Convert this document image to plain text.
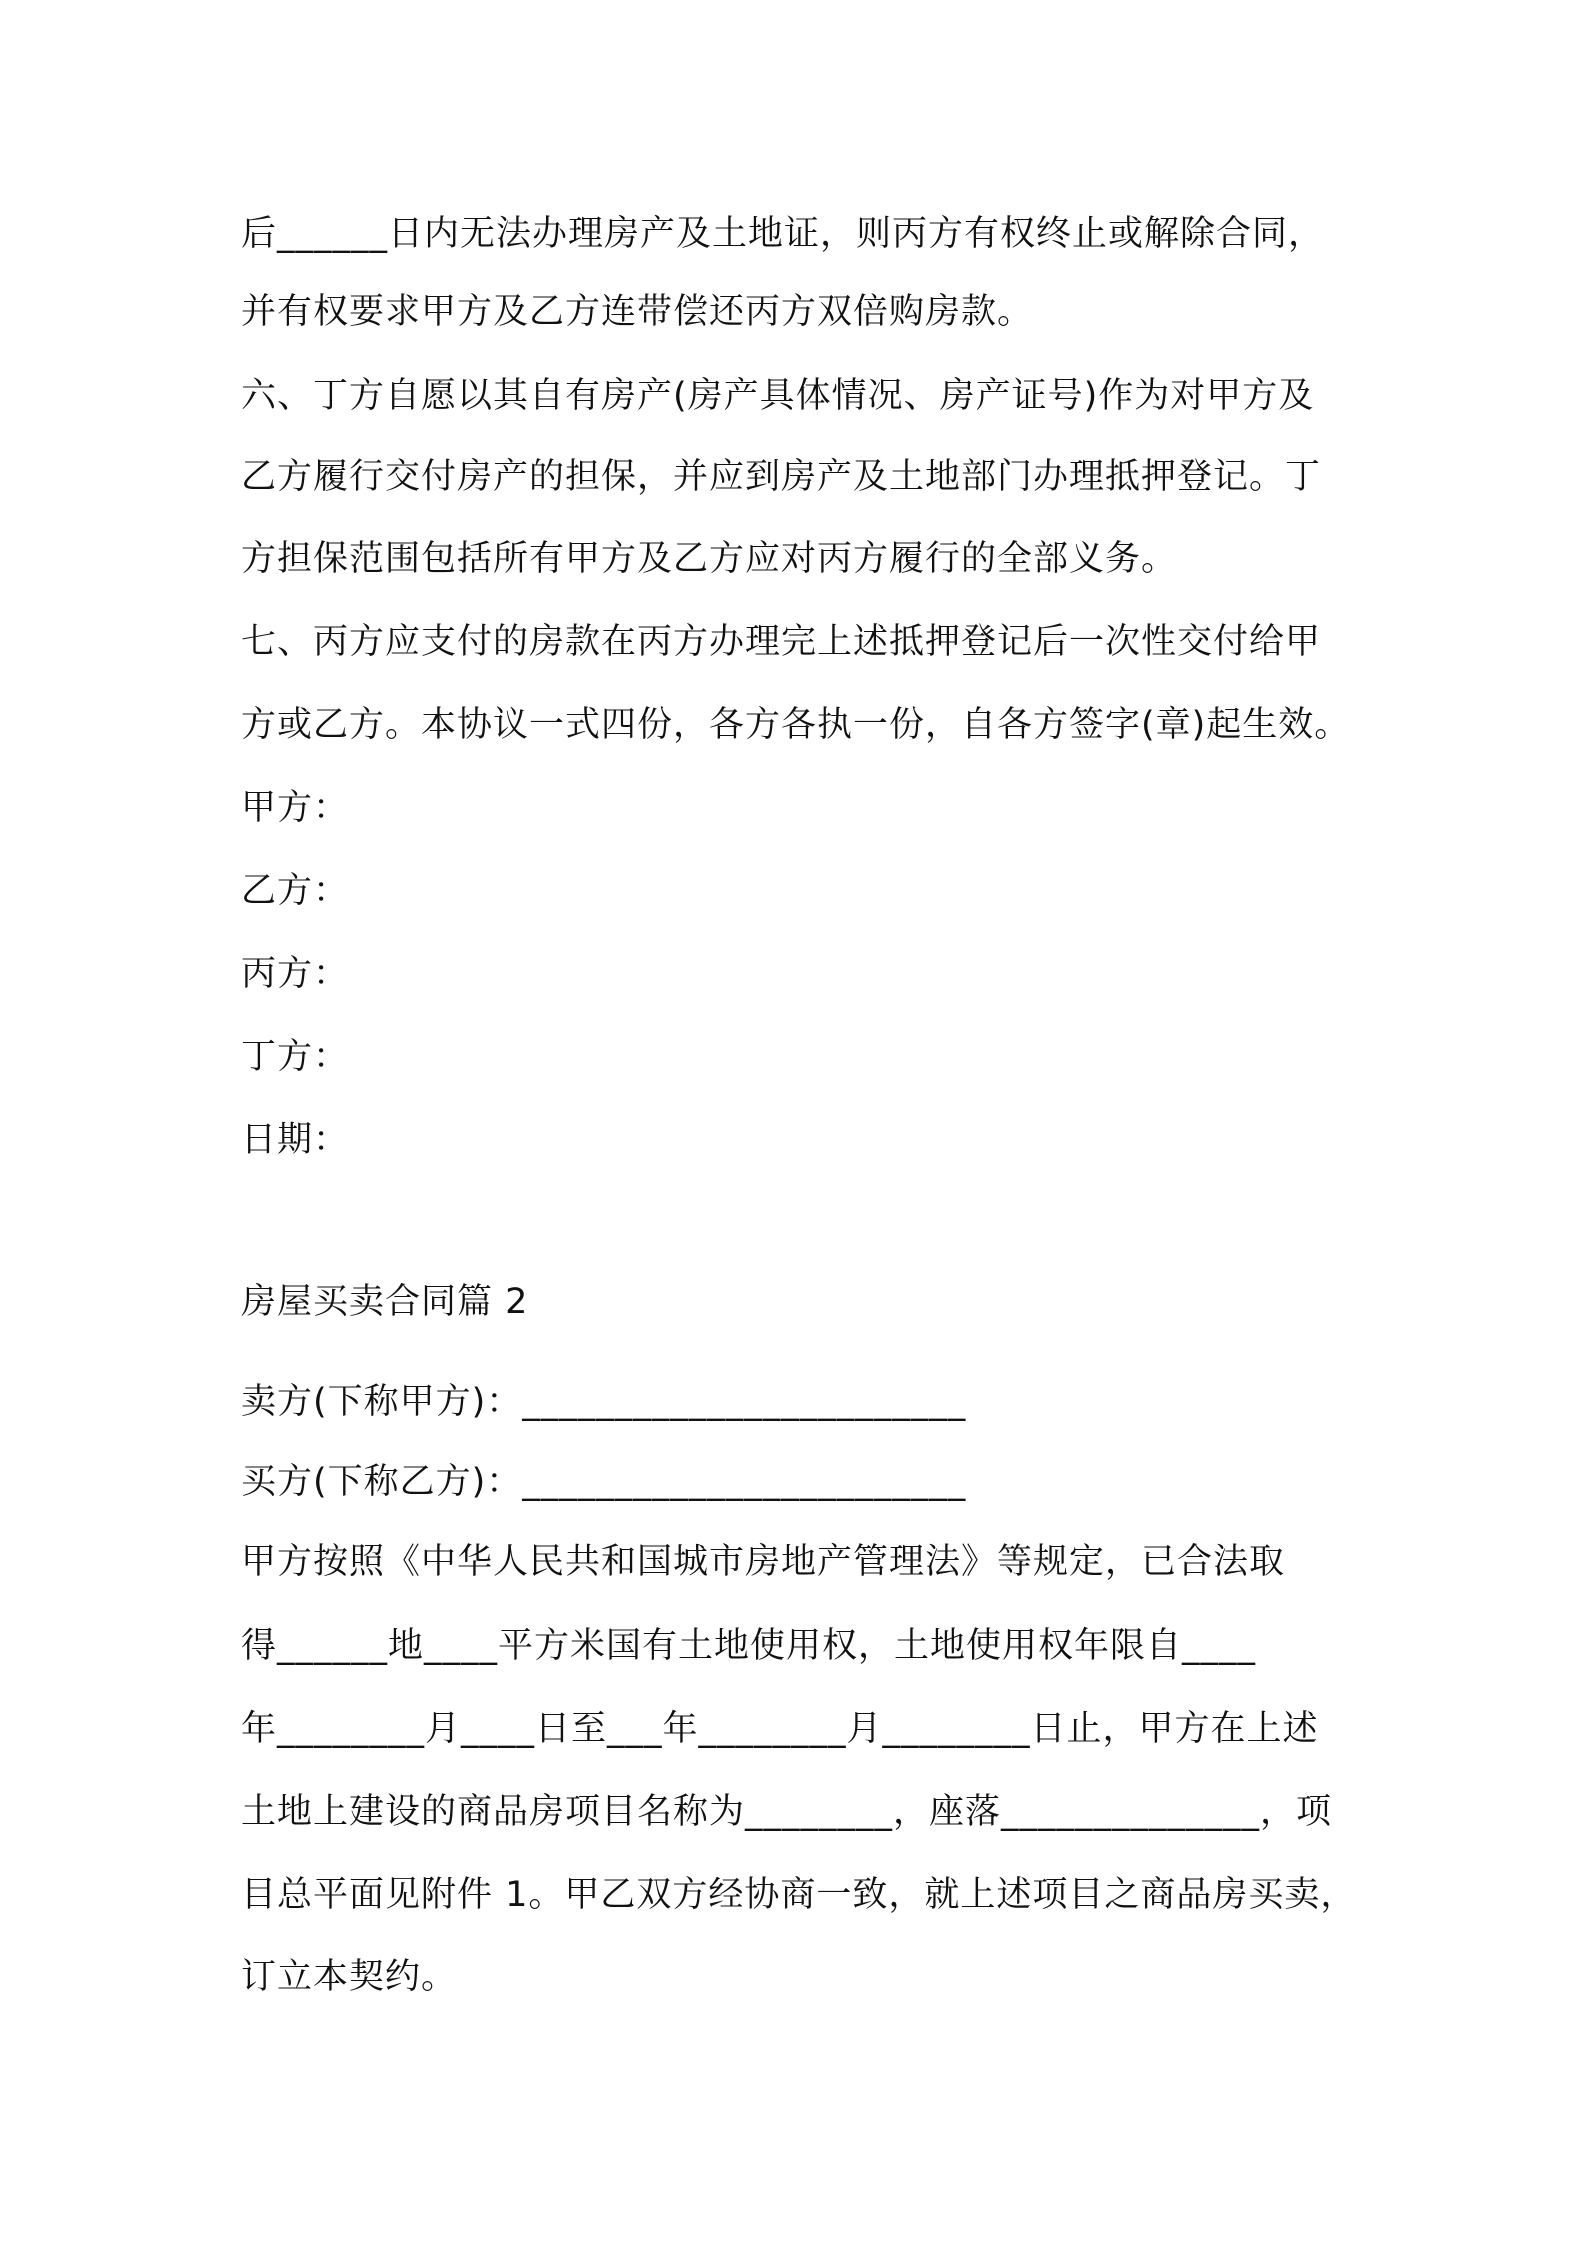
后______日内无法办理房产及土地证，则丙方有权终止或解除合同，
并有权要求甲方及乙方连带偿还丙方双倍购房款。
六、丁方自愿以其自有房产(房产具体情况、房产证号)作为对甲方及
乙方履行交付房产的担保，并应到房产及土地部门办理抵押登记。丁
方担保范围包括所有甲方及乙方应对丙方履行的全部义务。
七、丙方应支付的房款在丙方办理完上述抵押登记后一次性交付给甲
方或乙方。本协议一式四份，各方各执一份，自各方签字(章)起生效。
甲方：
乙方：
丙方：
丁方：
日期：
房屋买卖合同篇 2
卖方(下称甲方)：________________________
买方(下称乙方)：________________________
甲方按照《中华人民共和国城市房地产管理法》等规定，已合法取
得______地____平方米国有土地使用权，土地使用权年限自____
年________月____日至___年________月________日止，甲方在上述
土地上建设的商品房项目名称为________，座落______________，项
目总平面见附件 1。甲乙双方经协商一致，就上述项目之商品房买卖，
订立本契约。
